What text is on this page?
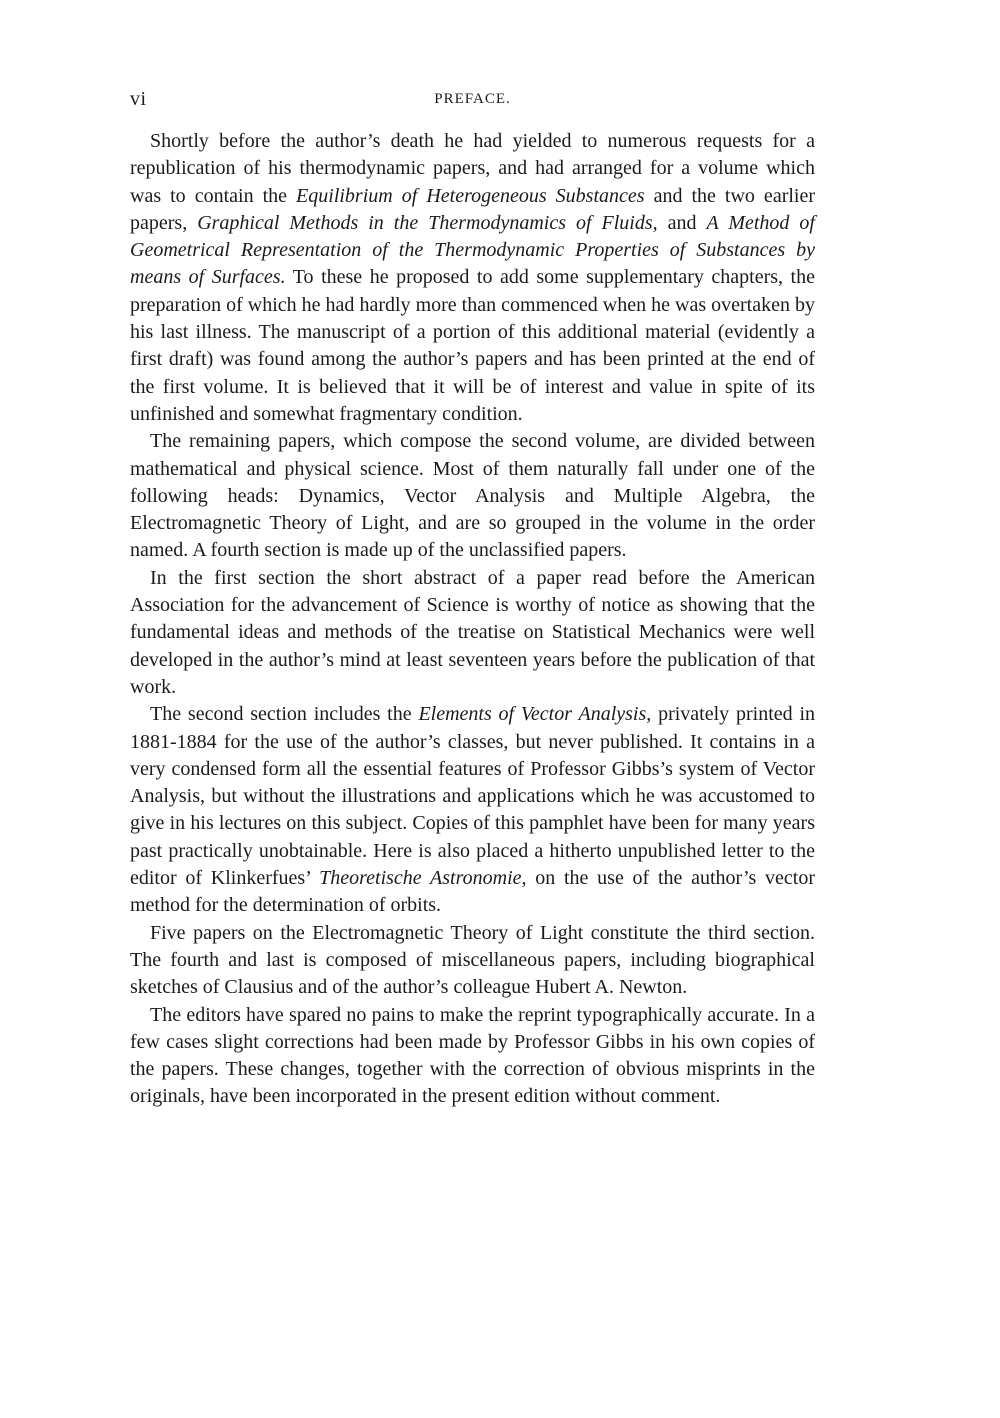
vi	PREFACE.

Shortly before the author’s death he had yielded to numerous requests for a republication of his thermodynamic papers, and had arranged for a volume which was to contain the Equilibrium of Heterogeneous Substances and the two earlier papers, Graphical Methods in the Thermodynamics of Fluids, and A Method of Geometrical Representation of the Thermodynamic Properties of Substances by means of Surfaces. To these he proposed to add some supplementary chapters, the preparation of which he had hardly more than commenced when he was overtaken by his last illness. The manuscript of a portion of this additional material (evidently a first draft) was found among the author’s papers and has been printed at the end of the first volume. It is believed that it will be of interest and value in spite of its unfinished and somewhat fragmentary condition.

The remaining papers, which compose the second volume, are divided between mathematical and physical science. Most of them naturally fall under one of the following heads: Dynamics, Vector Analysis and Multiple Algebra, the Electromagnetic Theory of Light, and are so grouped in the volume in the order named. A fourth section is made up of the unclassified papers.

In the first section the short abstract of a paper read before the American Association for the advancement of Science is worthy of notice as showing that the fundamental ideas and methods of the treatise on Statistical Mechanics were well developed in the author’s mind at least seventeen years before the publication of that work.

The second section includes the Elements of Vector Analysis, privately printed in 1881-1884 for the use of the author’s classes, but never published. It contains in a very condensed form all the essential features of Professor Gibbs’s system of Vector Analysis, but without the illustrations and applications which he was accustomed to give in his lectures on this subject. Copies of this pamphlet have been for many years past practically unobtainable. Here is also placed a hitherto unpublished letter to the editor of Klinkerfues’ Theoretische Astronomie, on the use of the author’s vector method for the determination of orbits.

Five papers on the Electromagnetic Theory of Light constitute the third section. The fourth and last is composed of miscellaneous papers, including biographical sketches of Clausius and of the author’s colleague Hubert A. Newton.

The editors have spared no pains to make the reprint typographically accurate. In a few cases slight corrections had been made by Professor Gibbs in his own copies of the papers. These changes, together with the correction of obvious misprints in the originals, have been incorporated in the present edition without comment.
